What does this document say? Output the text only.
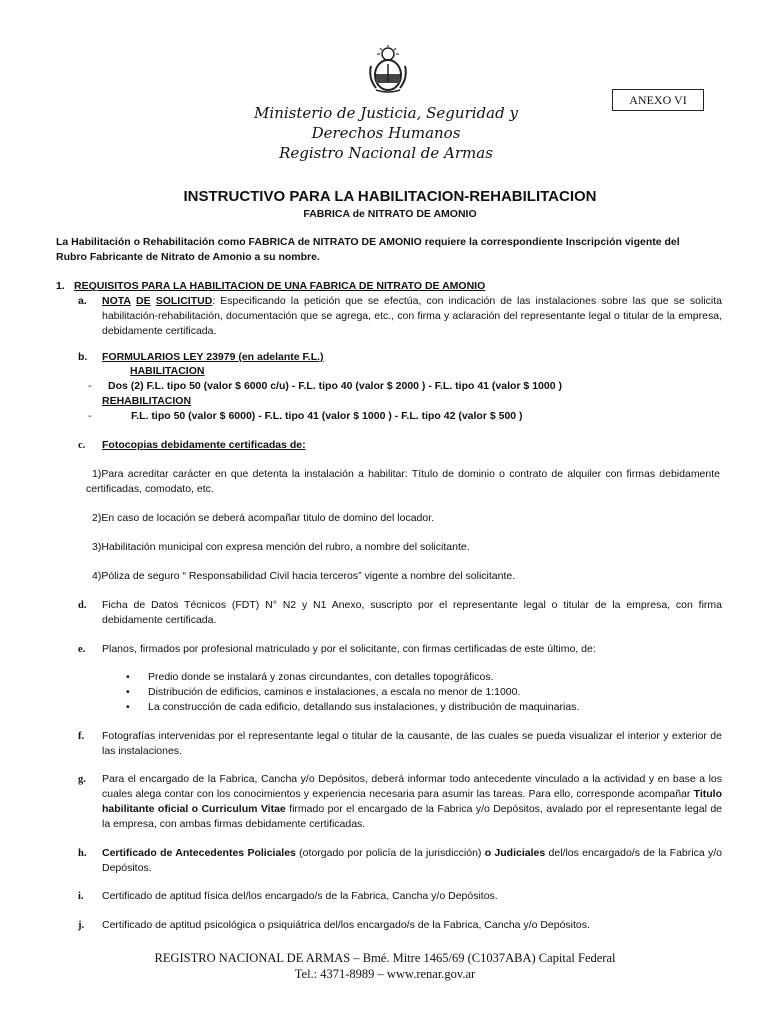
ANEXO VI
Ministerio de Justicia, Seguridad y
Derechos Humanos
Registro Nacional de Armas
INSTRUCTIVO PARA LA HABILITACION-REHABILITACION
FABRICA de NITRATO DE AMONIO
La Habilitación o Rehabilitación como FABRICA de NITRATO DE AMONIO requiere la correspondiente Inscripción vigente del Rubro Fabricante de Nitrato de Amonio a su nombre.
1. REQUISITOS PARA LA HABILITACION DE UNA FABRICA DE NITRATO DE AMONIO
a. NOTA DE SOLICITUD: Especificando la petición que se efectúa, con indicación de las instalaciones sobre las que se solicita habilitación-rehabilitación, documentación que se agrega, etc., con firma y aclaración del representante legal o titular de la empresa, debidamente certificada.
b. FORMULARIOS LEY 23979 (en adelante F.L.)
HABILITACION
- Dos (2) F.L. tipo 50 (valor $ 6000 c/u) - F.L. tipo 40 (valor $ 2000 ) - F.L. tipo 41 (valor $ 1000 )
REHABILITACION
-	F.L. tipo 50 (valor $ 6000) - F.L. tipo 41 (valor $ 1000 ) - F.L. tipo 42 (valor $ 500 )
c. Fotocopias debidamente certificadas de:
1)Para acreditar carácter en que detenta la instalación a habilitar: Título de dominio o contrato de alquiler con firmas debidamente certificadas, comodato, etc.
2)En caso de locación se deberá acompañar titulo de domino del locador.
3)Habilitación municipal con expresa mención del rubro, a nombre del solicitante.
4)Póliza de seguro “ Responsabilidad Civil hacia terceros” vigente a nombre del solicitante.
d. Ficha de Datos Técnicos (FDT) N° N2 y N1 Anexo, suscripto por el representante legal o titular de la empresa, con firma debidamente certificada.
e. Planos, firmados por profesional matriculado y por el solicitante, con firmas certificadas de este último, de:
• Predio donde se instalará y zonas circundantes, con detalles topográficos.
• Distribución de edificios, caminos e instalaciones, a escala no menor de 1:1000.
• La construcción de cada edificio, detallando sus instalaciones, y distribución de maquinarias.
f. Fotografías intervenidas por el representante legal o titular de la causante, de las cuales se pueda visualizar el interior y exterior de las instalaciones.
g. Para el encargado de la Fabrica, Cancha y/o Depósitos, deberá informar todo antecedente vinculado a la actividad y en base a los cuales alega contar con los conocimientos y experiencia necesaria para asumir las tareas. Para ello, corresponde acompañar Titulo habilitante oficial o Curriculum Vitae firmado por el encargado de la Fabrica y/o Depósitos, avalado por el representante legal de la empresa, con ambas firmas debidamente certificadas.
h. Certificado de Antecedentes Policiales (otorgado por policía de la jurisdicción) o Judiciales del/los encargado/s de la Fabrica y/o Depósitos.
i. Certificado de aptitud física del/los encargado/s de la Fabrica, Cancha y/o Depósitos.
j. Certificado de aptitud psicológica o psiquiátrica del/los encargado/s de la Fabrica, Cancha y/o Depósitos.
REGISTRO NACIONAL DE ARMAS – Bmé. Mitre 1465/69 (C1037ABA) Capital Federal
Tel.: 4371-8989 – www.renar.gov.ar
